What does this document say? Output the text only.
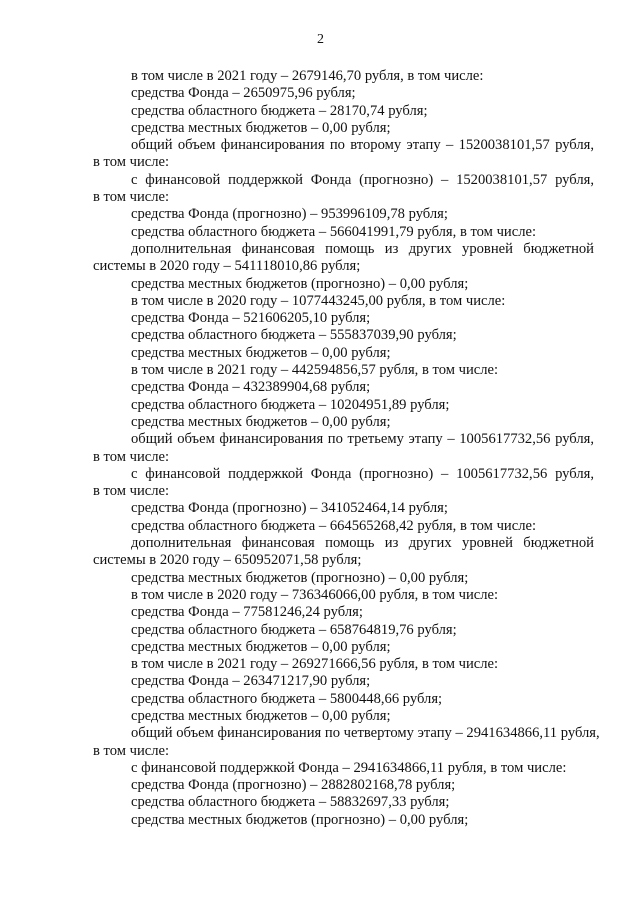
2
в том числе в 2021 году – 2679146,70 рубля, в том числе:
средства Фонда – 2650975,96 рубля;
средства областного бюджета – 28170,74 рубля;
средства местных бюджетов – 0,00 рубля;
общий объем финансирования по второму этапу – 1520038101,57 рубля,
в том числе:
с финансовой поддержкой Фонда (прогнозно) – 1520038101,57 рубля,
в том числе:
средства Фонда (прогнозно) – 953996109,78 рубля;
средства областного бюджета – 566041991,79 рубля, в том числе:
дополнительная финансовая помощь из других уровней бюджетной
системы в 2020 году – 541118010,86 рубля;
средства местных бюджетов (прогнозно) – 0,00 рубля;
в том числе в 2020 году – 1077443245,00 рубля, в том числе:
средства Фонда – 521606205,10 рубля;
средства областного бюджета – 555837039,90 рубля;
средства местных бюджетов – 0,00 рубля;
в том числе в 2021 году – 442594856,57 рубля, в том числе:
средства Фонда – 432389904,68 рубля;
средства областного бюджета – 10204951,89 рубля;
средства местных бюджетов – 0,00 рубля;
общий объем финансирования по третьему этапу – 1005617732,56 рубля,
в том числе:
с финансовой поддержкой Фонда (прогнозно) – 1005617732,56 рубля,
в том числе:
средства Фонда (прогнозно) – 341052464,14 рубля;
средства областного бюджета – 664565268,42 рубля, в том числе:
дополнительная финансовая помощь из других уровней бюджетной
системы в 2020 году – 650952071,58 рубля;
средства местных бюджетов (прогнозно) – 0,00 рубля;
в том числе в 2020 году – 736346066,00 рубля, в том числе:
средства Фонда – 77581246,24 рубля;
средства областного бюджета – 658764819,76 рубля;
средства местных бюджетов – 0,00 рубля;
в том числе в 2021 году – 269271666,56 рубля, в том числе:
средства Фонда – 263471217,90 рубля;
средства областного бюджета – 5800448,66 рубля;
средства местных бюджетов – 0,00 рубля;
общий объем финансирования по четвертому этапу – 2941634866,11 рубля,
в том числе:
с финансовой поддержкой Фонда – 2941634866,11 рубля, в том числе:
средства Фонда (прогнозно) – 2882802168,78 рубля;
средства областного бюджета – 58832697,33 рубля;
средства местных бюджетов (прогнозно) – 0,00 рубля;
